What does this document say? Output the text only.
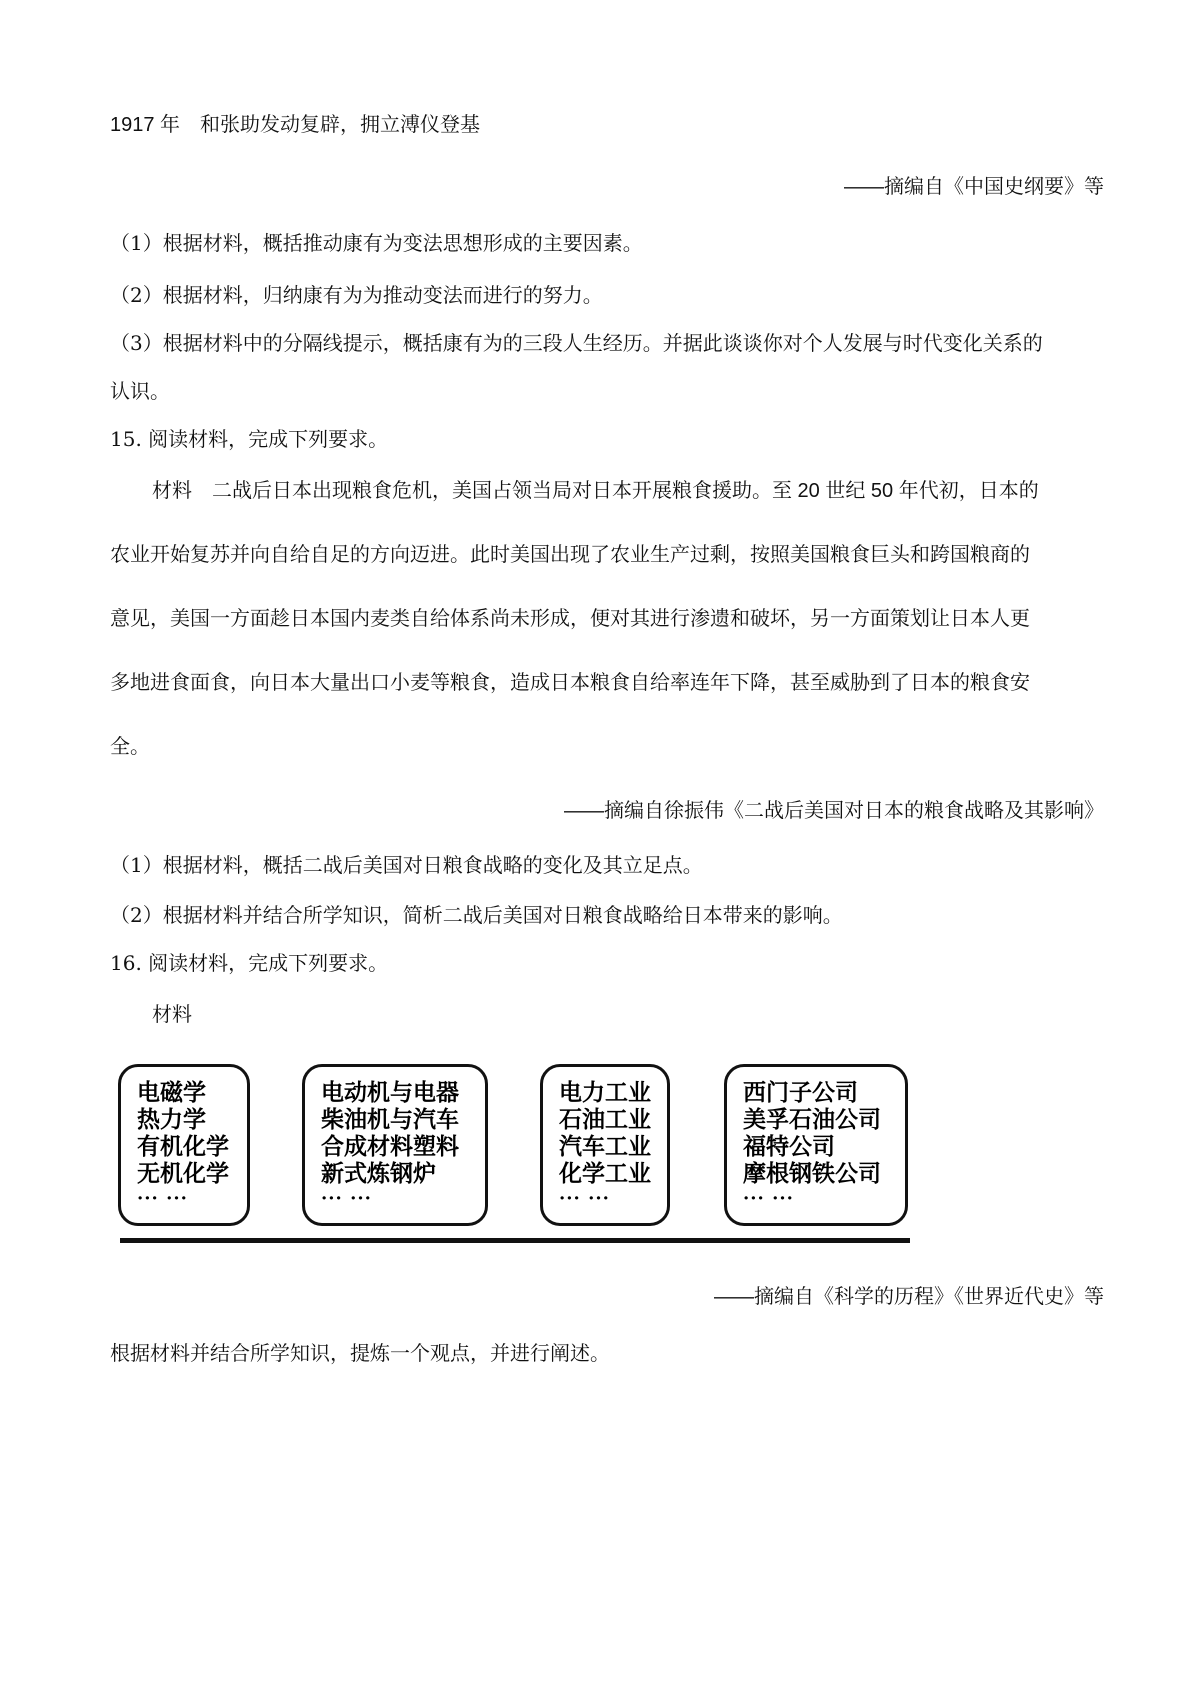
1917 年　和张助发动复辟，拥立溥仪登基
——摘编自《中国史纲要》等
（1）根据材料，概括推动康有为变法思想形成的主要因素。
（2）根据材料，归纳康有为为推动变法而进行的努力。
（3）根据材料中的分隔线提示，概括康有为的三段人生经历。并据此谈谈你对个人发展与时代变化关系的
认识。
15. 阅读材料，完成下列要求。
材料　二战后日本出现粮食危机，美国占领当局对日本开展粮食援助。至 20 世纪 50 年代初，日本的
农业开始复苏并向自给自足的方向迈进。此时美国出现了农业生产过剩，按照美国粮食巨头和跨国粮商的
意见，美国一方面趁日本国内麦类自给体系尚未形成，便对其进行渗遗和破坏，另一方面策划让日本人更
多地进食面食，向日本大量出口小麦等粮食，造成日本粮食自给率连年下降，甚至威胁到了日本的粮食安
全。
——摘编自徐振伟《二战后美国对日本的粮食战略及其影响》
（1）根据材料，概括二战后美国对日粮食战略的变化及其立足点。
（2）根据材料并结合所学知识，简析二战后美国对日粮食战略给日本带来的影响。
16. 阅读材料，完成下列要求。
材料
电磁学
热力学
有机化学
无机化学
··· ···
电动机与电器
柴油机与汽车
合成材料塑料
新式炼钢炉
··· ···
电力工业
石油工业
汽车工业
化学工业
··· ···
西门子公司
美孚石油公司
福特公司
摩根钢铁公司
··· ···
——摘编自《科学的历程》《世界近代史》等
根据材料并结合所学知识，提炼一个观点，并进行阐述。
